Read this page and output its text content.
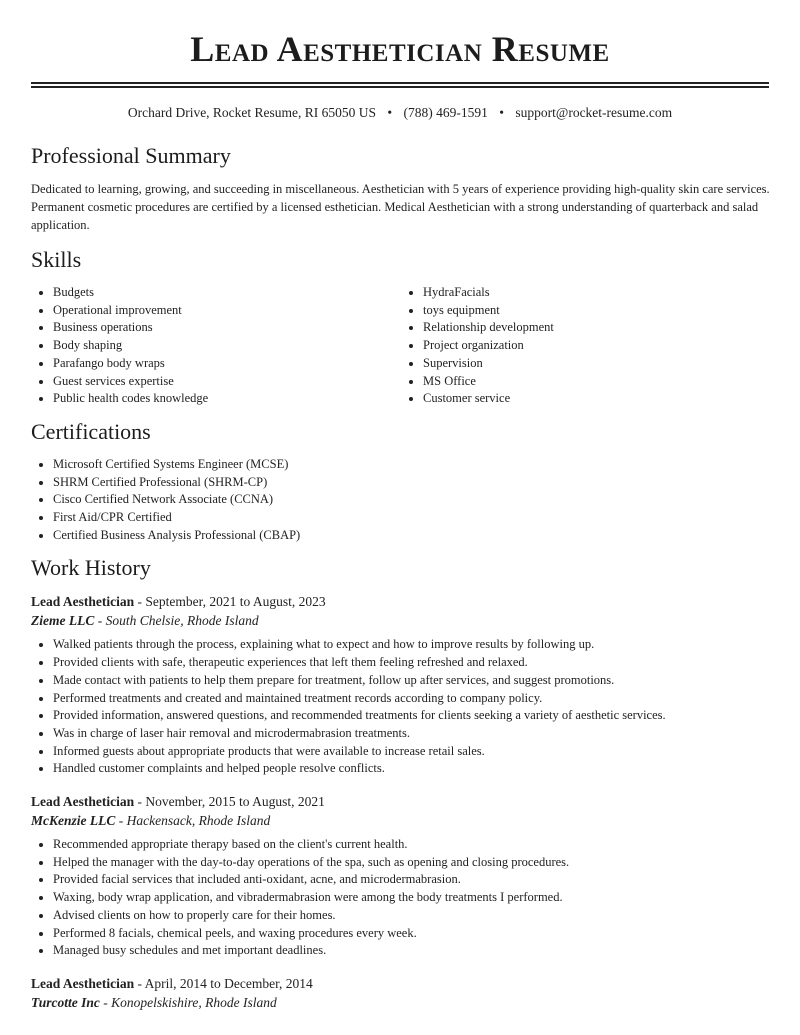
Lead Aesthetician Resume
Orchard Drive, Rocket Resume, RI 65050 US • (788) 469-1591 • support@rocket-resume.com
Professional Summary

Dedicated to learning, growing, and succeeding in miscellaneous. Aesthetician with 5 years of experience providing high-quality skin care services. Permanent cosmetic procedures are certified by a licensed esthetician. Medical Aesthetician with a strong understanding of quarterback and salad application.

Skills
• Budgets
• Operational improvement
• Business operations
• Body shaping
• Parafango body wraps
• Guest services expertise
• Public health codes knowledge
• HydraFacials
• toys equipment
• Relationship development
• Project organization
• Supervision
• MS Office
• Customer service
Certifications
• Microsoft Certified Systems Engineer (MCSE)
• SHRM Certified Professional (SHRM-CP)
• Cisco Certified Network Associate (CCNA)
• First Aid/CPR Certified
• Certified Business Analysis Professional (CBAP)
Work History
Lead Aesthetician - September, 2021 to August, 2023
Zieme LLC - South Chelsie, Rhode Island
• Walked patients through the process, explaining what to expect and how to improve results by following up.
• Provided clients with safe, therapeutic experiences that left them feeling refreshed and relaxed.
• Made contact with patients to help them prepare for treatment, follow up after services, and suggest promotions.
• Performed treatments and created and maintained treatment records according to company policy.
• Provided information, answered questions, and recommended treatments for clients seeking a variety of aesthetic services.
• Was in charge of laser hair removal and microdermabrasion treatments.
• Informed guests about appropriate products that were available to increase retail sales.
• Handled customer complaints and helped people resolve conflicts.
Lead Aesthetician - November, 2015 to August, 2021
McKenzie LLC - Hackensack, Rhode Island
• Recommended appropriate therapy based on the client's current health.
• Helped the manager with the day-to-day operations of the spa, such as opening and closing procedures.
• Provided facial services that included anti-oxidant, acne, and microdermabrasion.
• Waxing, body wrap application, and vibradermabrasion were among the body treatments I performed.
• Advised clients on how to properly care for their homes.
• Performed 8 facials, chemical peels, and waxing procedures every week.
• Managed busy schedules and met important deadlines.
Lead Aesthetician - April, 2014 to December, 2014
Turcotte Inc - Konopelskishire, Rhode Island
